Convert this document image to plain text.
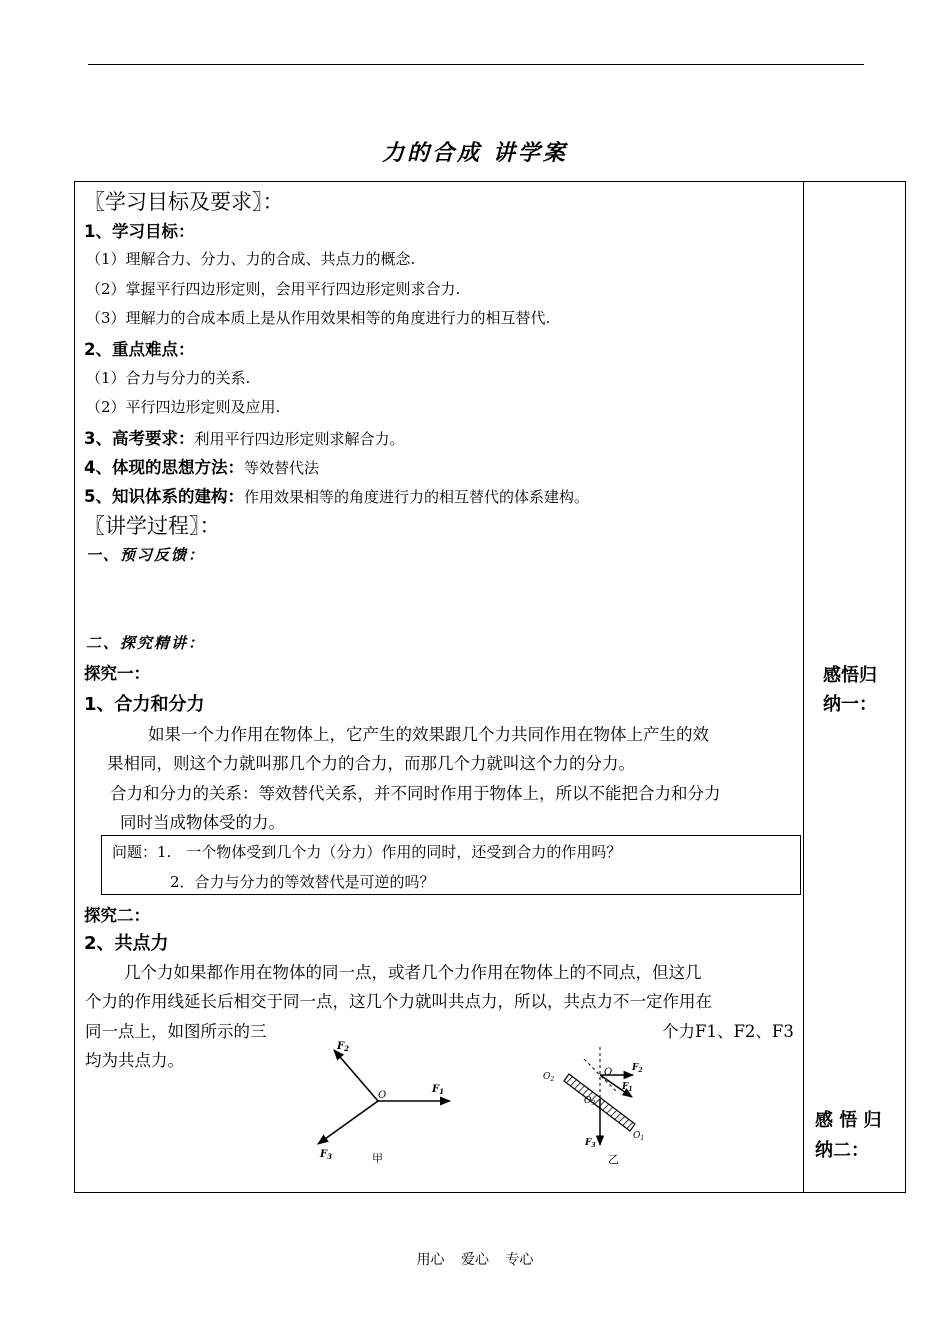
力的合成 讲学案
〖学习目标及要求〗：
1、学习目标：
（1）理解合力、分力、力的合成、共点力的概念.
（2）掌握平行四边形定则，会用平行四边形定则求合力.
（3）理解力的合成本质上是从作用效果相等的角度进行力的相互替代.
2、重点难点：
（1）合力与分力的关系.
（2）平行四边形定则及应用.
3、高考要求：利用平行四边形定则求解合力。
4、体现的思想方法：等效替代法
5、知识体系的建构：作用效果相等的角度进行力的相互替代的体系建构。
〖讲学过程〗：
一、预习反馈：
二、探究精讲：
探究一：
1、合力和分力
如果一个力作用在物体上，它产生的效果跟几个力共同作用在物体上产生的效
果相同，则这个力就叫那几个力的合力，而那几个力就叫这个力的分力。
合力和分力的关系：等效替代关系，并不同时作用于物体上，所以不能把合力和分力
同时当成物体受的力。
问题：1.　一个物体受到几个力（分力）作用的同时，还受到合力的作用吗？
2．合力与分力的等效替代是可逆的吗？
探究二：
2、共点力
几个力如果都作用在物体的同一点，或者几个力作用在物体上的不同点，但这几
个力的作用线延长后相交于同一点，这几个力就叫共点力，所以，共点力不一定作用在
同一点上，如图所示的三	个力F1、F2、F3
均为共点力。
O
$F_1$
$F_2$
$F_3$	甲
O
$O_2$
$O_3$
$O_1$
$F_2$
$F_1$
$F_3$
乙
感悟归
纳一：
感 悟 归
纳二：
用心 爱心 专心
